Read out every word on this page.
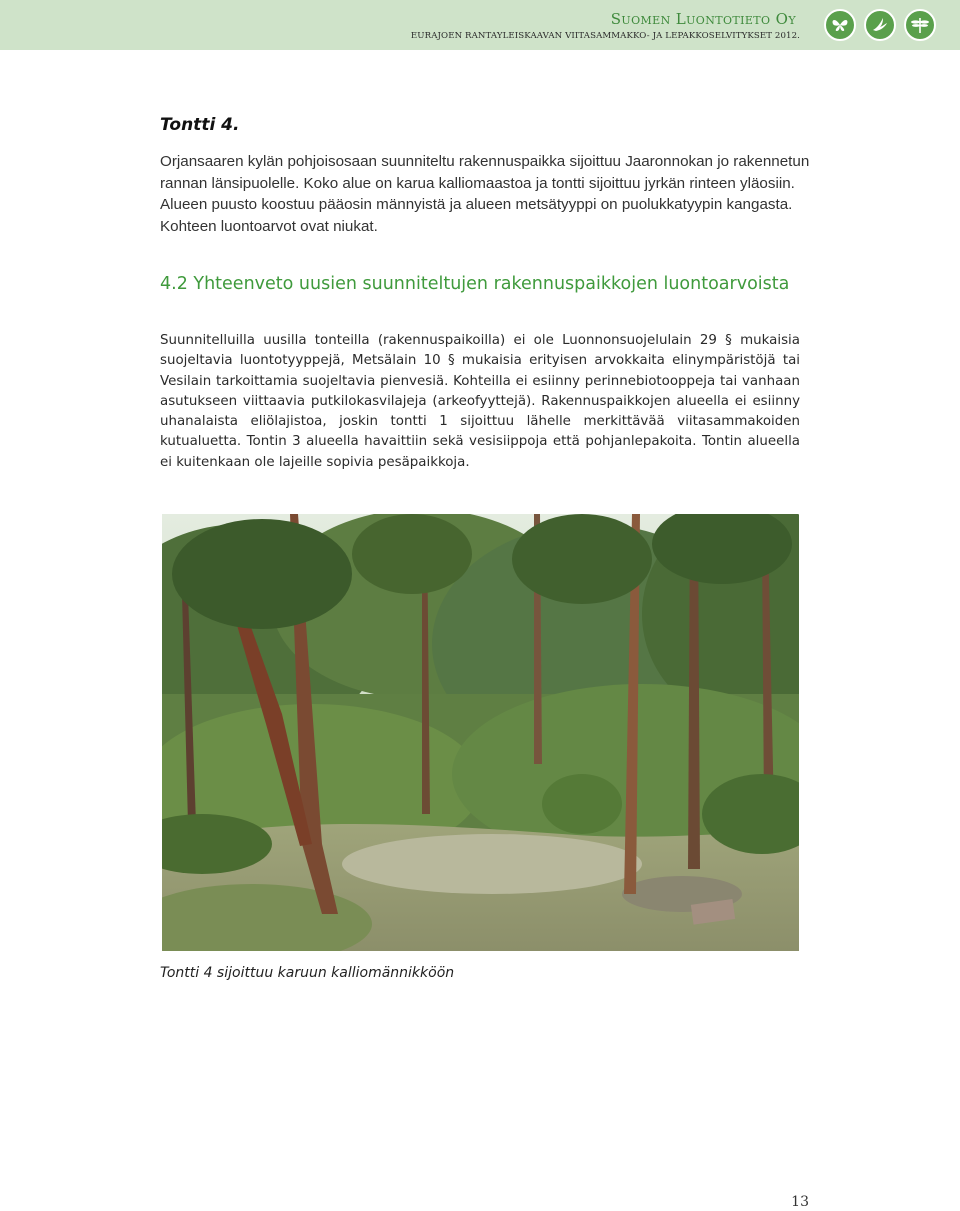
Suomen Luontotieto Oy
EURAJOEN RANTAYLEISKAAVAN VIITASAMMAKKO- JA LEPAKKOSELVITYKSET 2012.
Tontti 4.

Orjansaaren kylän pohjoisosaan suunniteltu rakennuspaikka sijoittuu Jaaronnokan jo rakennetun rannan länsipuolelle. Koko alue on karua kalliomaastoa ja tontti sijoittuu jyrkän rinteen yläosiin. Alueen puusto koostuu pääosin männyistä ja alueen metsätyyppi on puolukkatyypin kangasta. Kohteen luontoarvot ovat niukat.

4.2 Yhteenveto uusien suunniteltujen rakennuspaikkojen luontoarvoista

Suunnitelluilla uusilla tonteilla (rakennuspaikoilla) ei ole Luonnonsuojelulain 29 § mukaisia suojeltavia luontotyyppejä, Metsälain 10 § mukaisia erityisen arvokkaita elinympäristöjä tai Vesilain tarkoittamia suojeltavia pienvesiä. Kohteilla ei esiinny perinnebiotooppeja tai vanhaan asutukseen viittaavia putkilokasvilajeja (arkeofyyttejä). Rakennuspaikkojen alueella ei esiinny uhanalaista eliölajistoa, joskin tontti 1 sijoittuu lähelle merkittävää viitasammakoiden kutualuetta. Tontin 3 alueella havaittiin sekä vesisiippoja että pohjanlepakoita. Tontin alueella ei kuitenkaan ole lajeille sopivia pesäpaikkoja.

Tontti 4 sijoittuu karuun kalliomännikköön
13
